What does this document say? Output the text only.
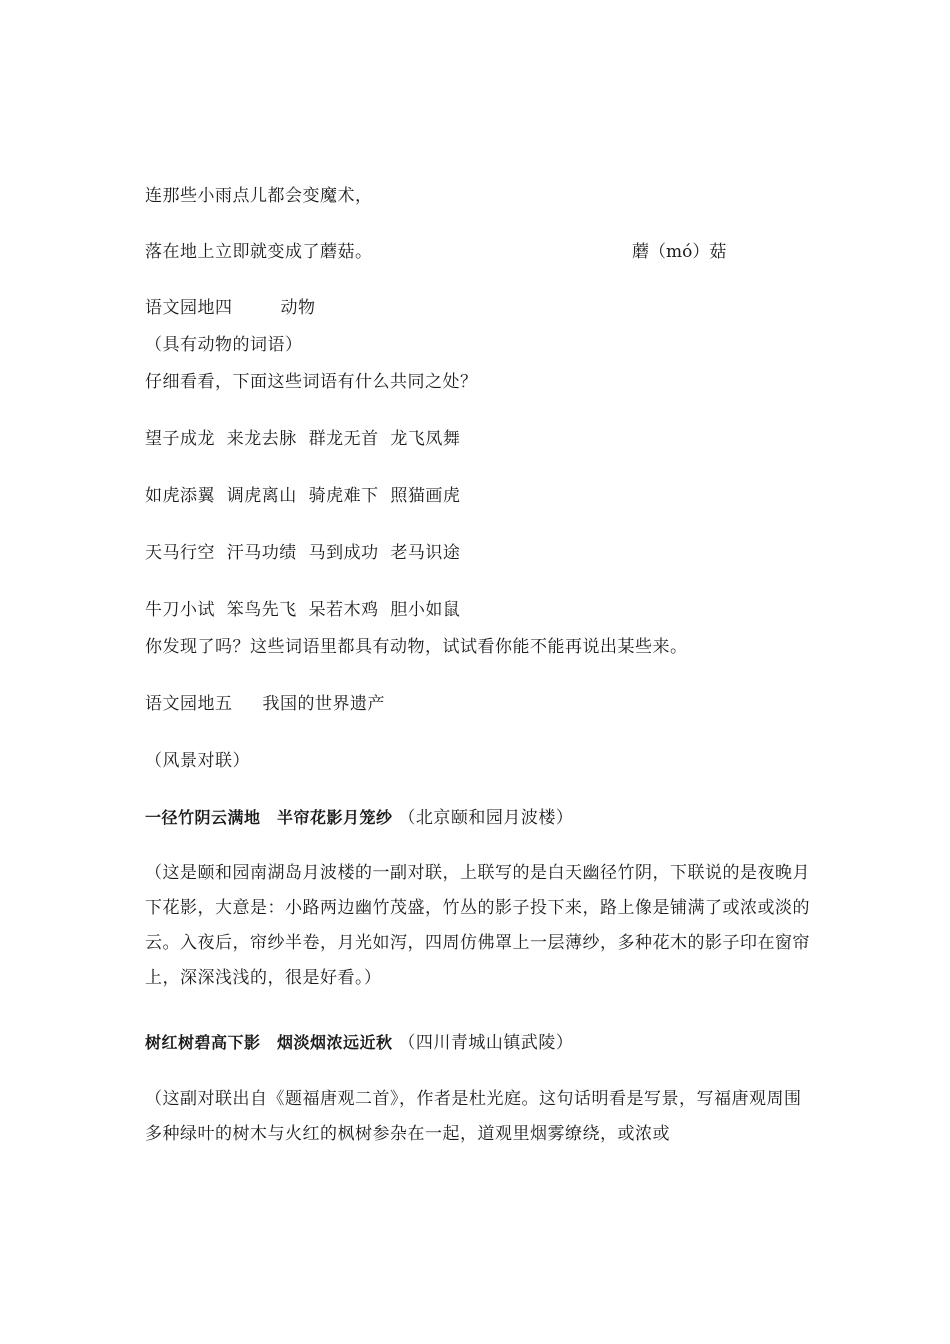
连那些小雨点儿都会变魔术，
落在地上立即就变成了蘑菇。	蘑（mó）菇
语文园地四	动物
（具有动物的词语）
仔细看看，下面这些词语有什么共同之处？
望子成龙  来龙去脉  群龙无首  龙飞凤舞
如虎添翼  调虎离山  骑虎难下  照猫画虎
天马行空  汗马功绩  马到成功  老马识途
牛刀小试  笨鸟先飞  呆若木鸡  胆小如鼠
你发现了吗？这些词语里都具有动物，试试看你能不能再说出某些来。
语文园地五 我国的世界遗产
（风景对联）
一径竹阴云满地　半帘花影月笼纱 （北京颐和园月波楼）
（这是颐和园南湖岛月波楼的一副对联，上联写的是白天幽径竹阴，下联说的是夜晚月下花影，大意是：小路两边幽竹茂盛，竹丛的影子投下来，路上像是铺满了或浓或淡的云。入夜后，帘纱半卷，月光如泻，四周仿佛罩上一层薄纱，多种花木的影子印在窗帘上，深深浅浅的，很是好看。）
树红树碧高下影　烟淡烟浓远近秋 （四川青城山镇武陵）
（这副对联出自《题福唐观二首》，作者是杜光庭。这句话明看是写景，写福唐观周围多种绿叶的树木与火红的枫树参杂在一起，道观里烟雾缭绕，或浓或
